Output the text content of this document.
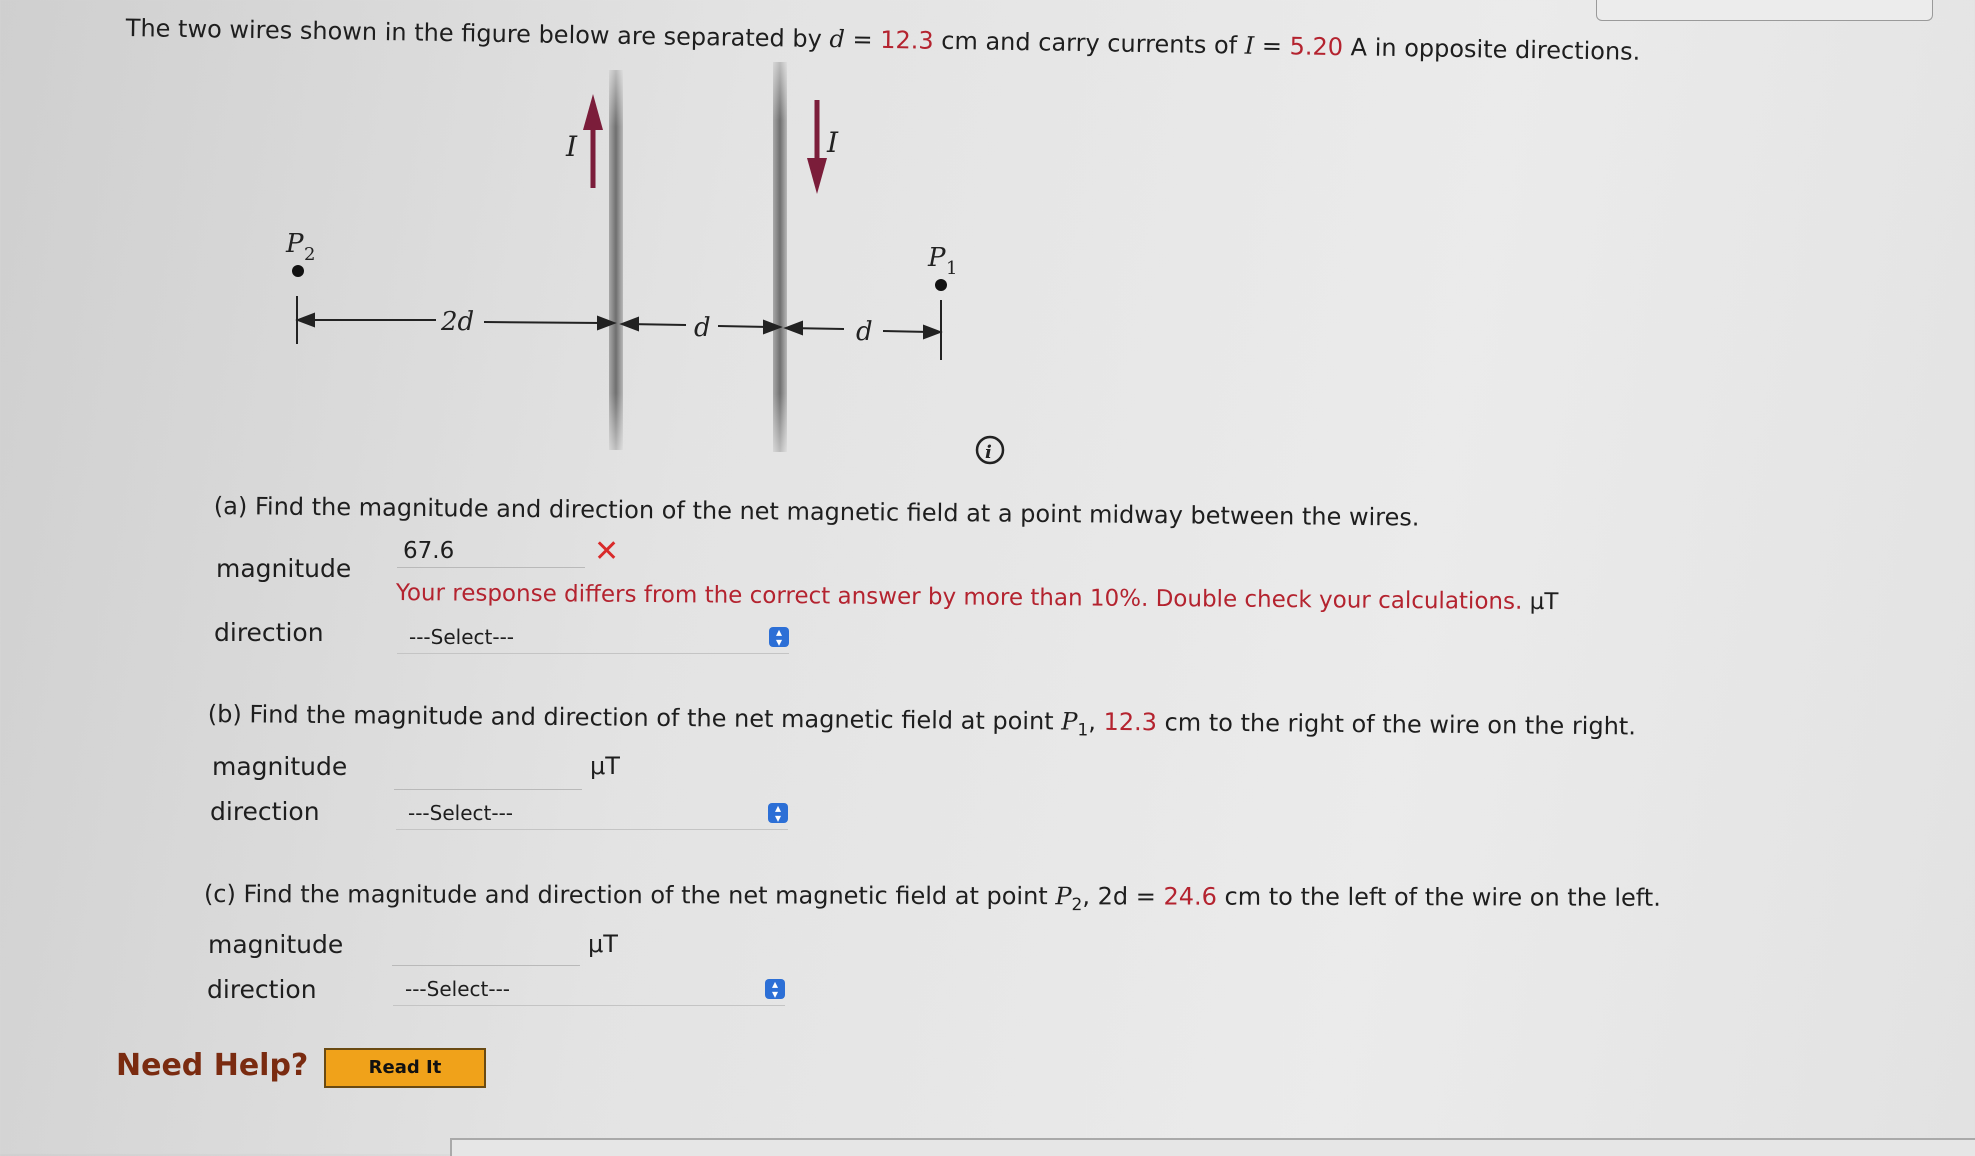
The two wires shown in the figure below are separated by d = 12.3 cm and carry currents of I = 5.20 A in opposite directions.
I	I
P 2	P 1
2d	d	d
i
(a) Find the magnitude and direction of the net magnetic field at a point midway between the wires.
magnitude
67.6	✕
Your response differs from the correct answer by more than 10%. Double check your calculations. μT
direction	---Select---	▴
▾
(b) Find the magnitude and direction of the net magnetic field at point $P_1$, 12.3 cm to the right of the wire on the right.
magnitude	μT
direction	---Select---	▴
▾
(c) Find the magnitude and direction of the net magnetic field at point $P_2$, 2d = 24.6 cm to the left of the wire on the left.
magnitude	μT
direction	---Select---	▴
▾
Need Help?	Read It
